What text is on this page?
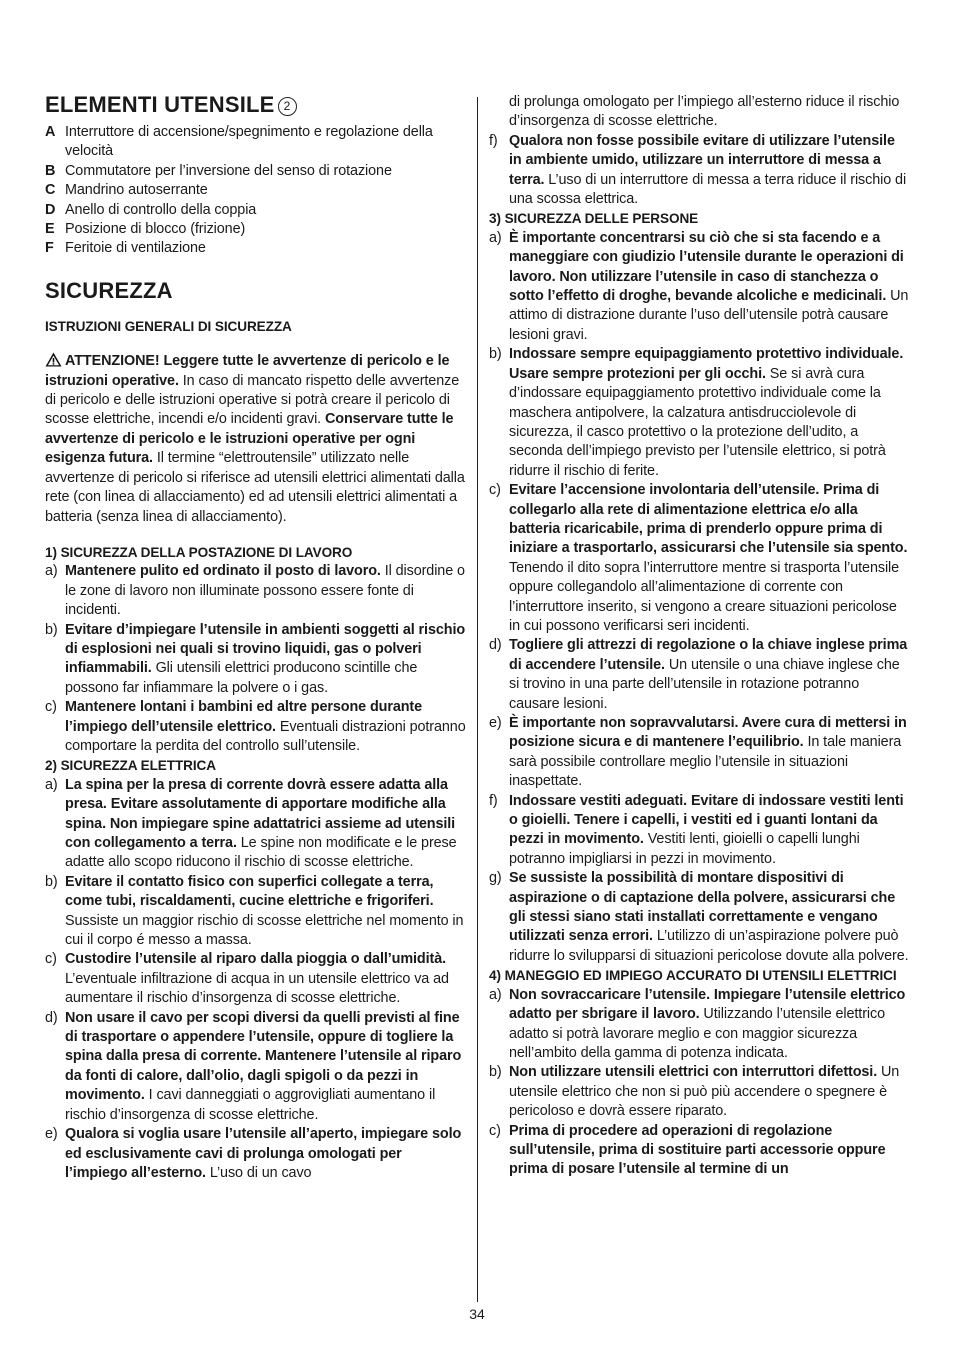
ELEMENTI UTENSILE 2
A Interruttore di accensione/spegnimento e regolazione della velocità
B Commutatore per l’inversione del senso di rotazione
C Mandrino autoserrante
D Anello di controllo della coppia
E Posizione di blocco (frizione)
F Feritoie di ventilazione
SICUREZZA
ISTRUZIONI GENERALI DI SICUREZZA
ATTENZIONE! Leggere tutte le avvertenze di pericolo e le istruzioni operative. In caso di mancato rispetto delle avvertenze di pericolo e delle istruzioni operative si potrà creare il pericolo di scosse elettriche, incendi e/o incidenti gravi. Conservare tutte le avvertenze di pericolo e le istruzioni operative per ogni esigenza futura. Il termine “elettroutensile” utilizzato nelle avvertenze di pericolo si riferisce ad utensili elettrici alimentati dalla rete (con linea di allacciamento) ed ad utensili elettrici alimentati a batteria (senza linea di allacciamento).
1) SICUREZZA DELLA POSTAZIONE DI LAVORO
a) Mantenere pulito ed ordinato il posto di lavoro. Il disordine o le zone di lavoro non illuminate possono essere fonte di incidenti.
b) Evitare d’impiegare l’utensile in ambienti soggetti al rischio di esplosioni nei quali si trovino liquidi, gas o polveri infiammabili. Gli utensili elettrici producono scintille che possono far infiammare la polvere o i gas.
c) Mantenere lontani i bambini ed altre persone durante l’impiego dell’utensile elettrico. Eventuali distrazioni potranno comportare la perdita del controllo sull’utensile.
2) SICUREZZA ELETTRICA
a) La spina per la presa di corrente dovrà essere adatta alla presa. Evitare assolutamente di apportare modifiche alla spina. Non impiegare spine adattatrici assieme ad utensili con collegamento a terra. Le spine non modificate e le prese adatte allo scopo riducono il rischio di scosse elettriche.
b) Evitare il contatto fisico con superfici collegate a terra, come tubi, riscaldamenti, cucine elettriche e frigoriferi. Sussiste un maggior rischio di scosse elettriche nel momento in cui il corpo é messo a massa.
c) Custodire l’utensile al riparo dalla pioggia o dall’umidità. L’eventuale infiltrazione di acqua in un utensile elettrico va ad aumentare il rischio d’insorgenza di scosse elettriche.
d) Non usare il cavo per scopi diversi da quelli previsti al fine di trasportare o appendere l’utensile, oppure di togliere la spina dalla presa di corrente. Mantenere l’utensile al riparo da fonti di calore, dall’olio, dagli spigoli o da pezzi in movimento. I cavi danneggiati o aggrovigliati aumentano il rischio d’insorgenza di scosse elettriche.
e) Qualora si voglia usare l’utensile all’aperto, impiegare solo ed esclusivamente cavi di prolunga omologati per l’impiego all’esterno. L’uso di un cavo
di prolunga omologato per l’impiego all’esterno riduce il rischio d’insorgenza di scosse elettriche.
f) Qualora non fosse possibile evitare di utilizzare l’utensile in ambiente umido, utilizzare un interruttore di messa a terra. L’uso di un interruttore di messa a terra riduce il rischio di una scossa elettrica.
3) SICUREZZA DELLE PERSONE
a) È importante concentrarsi su ciò che si sta facendo e a maneggiare con giudizio l’utensile durante le operazioni di lavoro. Non utilizzare l’utensile in caso di stanchezza o sotto l’effetto di droghe, bevande alcoliche e medicinali. Un attimo di distrazione durante l’uso dell’utensile potrà causare lesioni gravi.
b) Indossare sempre equipaggiamento protettivo individuale. Usare sempre protezioni per gli occhi. Se si avrà cura d’indossare equipaggiamento protettivo individuale come la maschera antipolvere, la calzatura antisdrucciolevole di sicurezza, il casco protettivo o la protezione dell’udito, a seconda dell’impiego previsto per l’utensile elettrico, si potrà ridurre il rischio di ferite.
c) Evitare l’accensione involontaria dell’utensile. Prima di collegarlo alla rete di alimentazione elettrica e/o alla batteria ricaricabile, prima di prenderlo oppure prima di iniziare a trasportarlo, assicurarsi che l’utensile sia spento. Tenendo il dito sopra l’interruttore mentre si trasporta l’utensile oppure collegandolo all’alimentazione di corrente con l’interruttore inserito, si vengono a creare situazioni pericolose in cui possono verificarsi seri incidenti.
d) Togliere gli attrezzi di regolazione o la chiave inglese prima di accendere l’utensile. Un utensile o una chiave inglese che si trovino in una parte dell’utensile in rotazione potranno causare lesioni.
e) È importante non sopravvalutarsi. Avere cura di mettersi in posizione sicura e di mantenere l’equilibrio. In tale maniera sarà possibile controllare meglio l’utensile in situazioni inaspettate.
f) Indossare vestiti adeguati. Evitare di indossare vestiti lenti o gioielli. Tenere i capelli, i vestiti ed i guanti lontani da pezzi in movimento. Vestiti lenti, gioielli o capelli lunghi potranno impigliarsi in pezzi in movimento.
g) Se sussiste la possibilità di montare dispositivi di aspirazione o di captazione della polvere, assicurarsi che gli stessi siano stati installati correttamente e vengano utilizzati senza errori. L’utilizzo di un’aspirazione polvere può ridurre lo svilupparsi di situazioni pericolose dovute alla polvere.
4) MANEGGIO ED IMPIEGO ACCURATO DI UTENSILI ELETTRICI
a) Non sovraccaricare l’utensile. Impiegare l’utensile elettrico adatto per sbrigare il lavoro. Utilizzando l’utensile elettrico adatto si potrà lavorare meglio e con maggior sicurezza nell’ambito della gamma di potenza indicata.
b) Non utilizzare utensili elettrici con interruttori difettosi. Un utensile elettrico che non si può più accendere o spegnere è pericoloso e dovrà essere riparato.
c) Prima di procedere ad operazioni di regolazione sull’utensile, prima di sostituire parti accessorie oppure prima di posare l’utensile al termine di un
34
